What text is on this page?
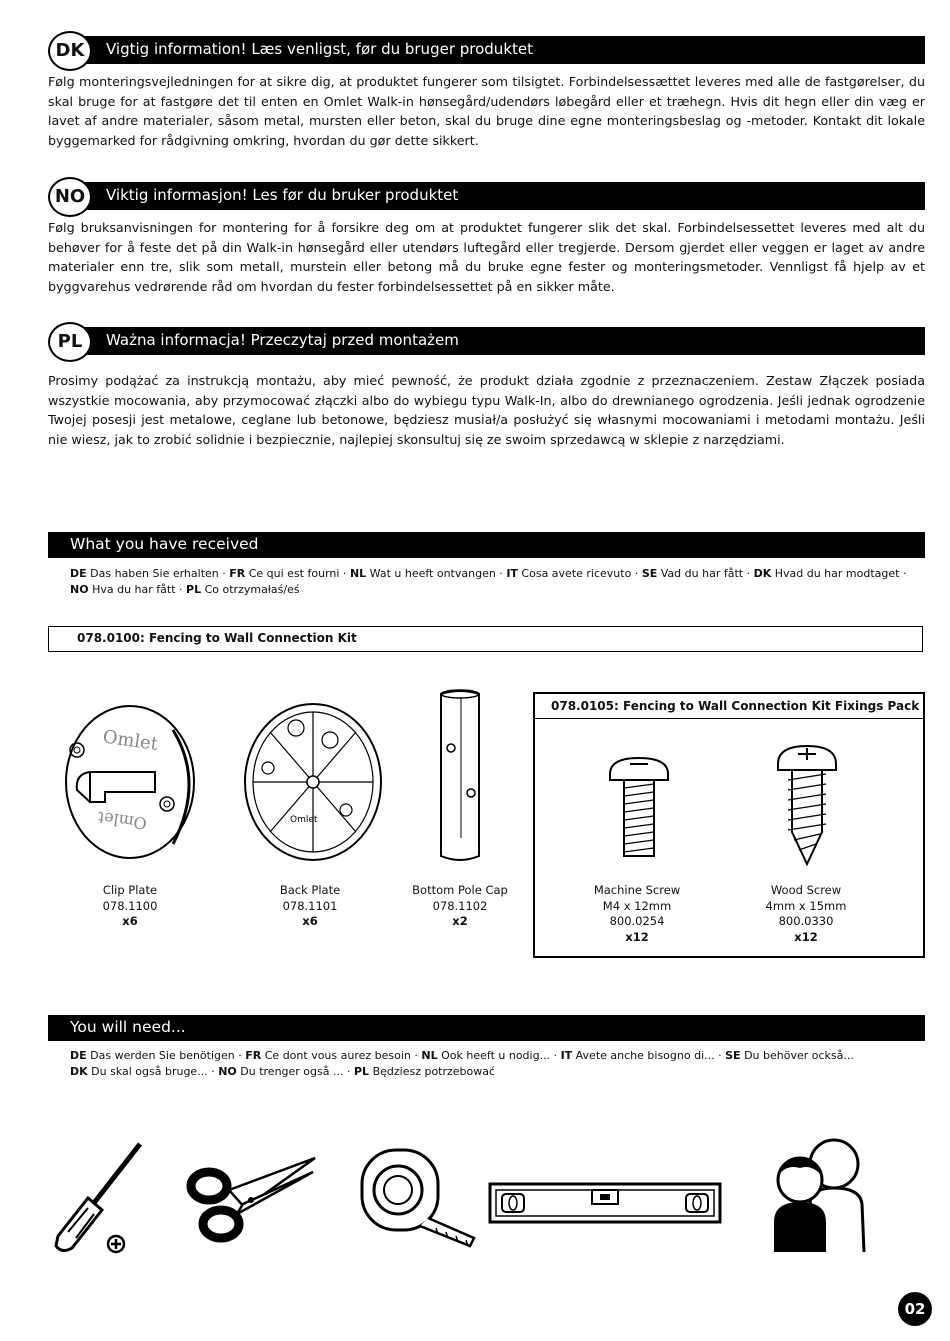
Vigtig information! Læs venligst, før du bruger produktet
DK

Følg monteringsvejledningen for at sikre dig, at produktet fungerer som tilsigtet. Forbindelsessættet leveres med alle de fastgørelser, du skal bruge for at fastgøre det til enten en Omlet Walk-in hønsegård/udendørs løbegård eller et træhegn. Hvis dit hegn eller din væg er lavet af andre materialer, såsom metal, mursten eller beton, skal du bruge dine egne monteringsbeslag og -metoder. Kontakt dit lokale byggemarked for rådgivning omkring, hvordan du gør dette sikkert.

Viktig informasjon! Les før du bruker produktet
NO

Følg bruksanvisningen for montering for å forsikre deg om at produktet fungerer slik det skal. Forbindelsessettet leveres med alt du behøver for å feste det på din Walk-in hønsegård eller utendørs luftegård eller tregjerde. Dersom gjerdet eller veggen er laget av andre materialer enn tre, slik som metall, murstein eller betong må du bruke egne fester og monteringsmetoder. Vennligst få hjelp av et byggvarehus vedrørende råd om hvordan du fester forbindelsessettet på en sikker måte.

Ważna informacja! Przeczytaj przed montażem
PL

Prosimy podążać za instrukcją montażu, aby mieć pewność, że produkt działa zgodnie z przeznaczeniem. Zestaw Złączek posiada wszystkie mocowania, aby przymocować złączki albo do wybiegu typu Walk-In, albo do drewnianego ogrodzenia. Jeśli jednak ogrodzenie Twojej posesji jest metalowe, ceglane lub betonowe, będziesz musiał/a posłużyć się własnymi mocowaniami i metodami montażu. Jeśli nie wiesz, jak to zrobić solidnie i bezpiecznie, najlepiej skonsultuj się ze swoim sprzedawcą w sklepie z narzędziami.

What you have received
DE Das haben Sie erhalten · FR Ce qui est fourni · NL Wat u heeft ontvangen · IT Cosa avete ricevuto · SE Vad du har fått · DK Hvad du har modtaget · NO Hva du har fått · PL Co otrzymałaś/eś
078.0100: Fencing to Wall Connection Kit
Omlet
Omlet	Omlet
Clip Plate
078.1100
x6
Back Plate
078.1101
x6
Bottom Pole Cap
078.1102
x2
078.0105: Fencing to Wall Connection Kit Fixings Pack
Machine Screw
M4 x 12mm
800.0254
x12
Wood Screw
4mm x 15mm
800.0330
x12
You will need...
DE Das werden Sie benötigen · FR Ce dont vous aurez besoin · NL Ook heeft u nodig... · IT Avete anche bisogno di... · SE Du behöver också...
DK Du skal også bruge... · NO Du trenger også ... · PL Będziesz potrzebować
02
